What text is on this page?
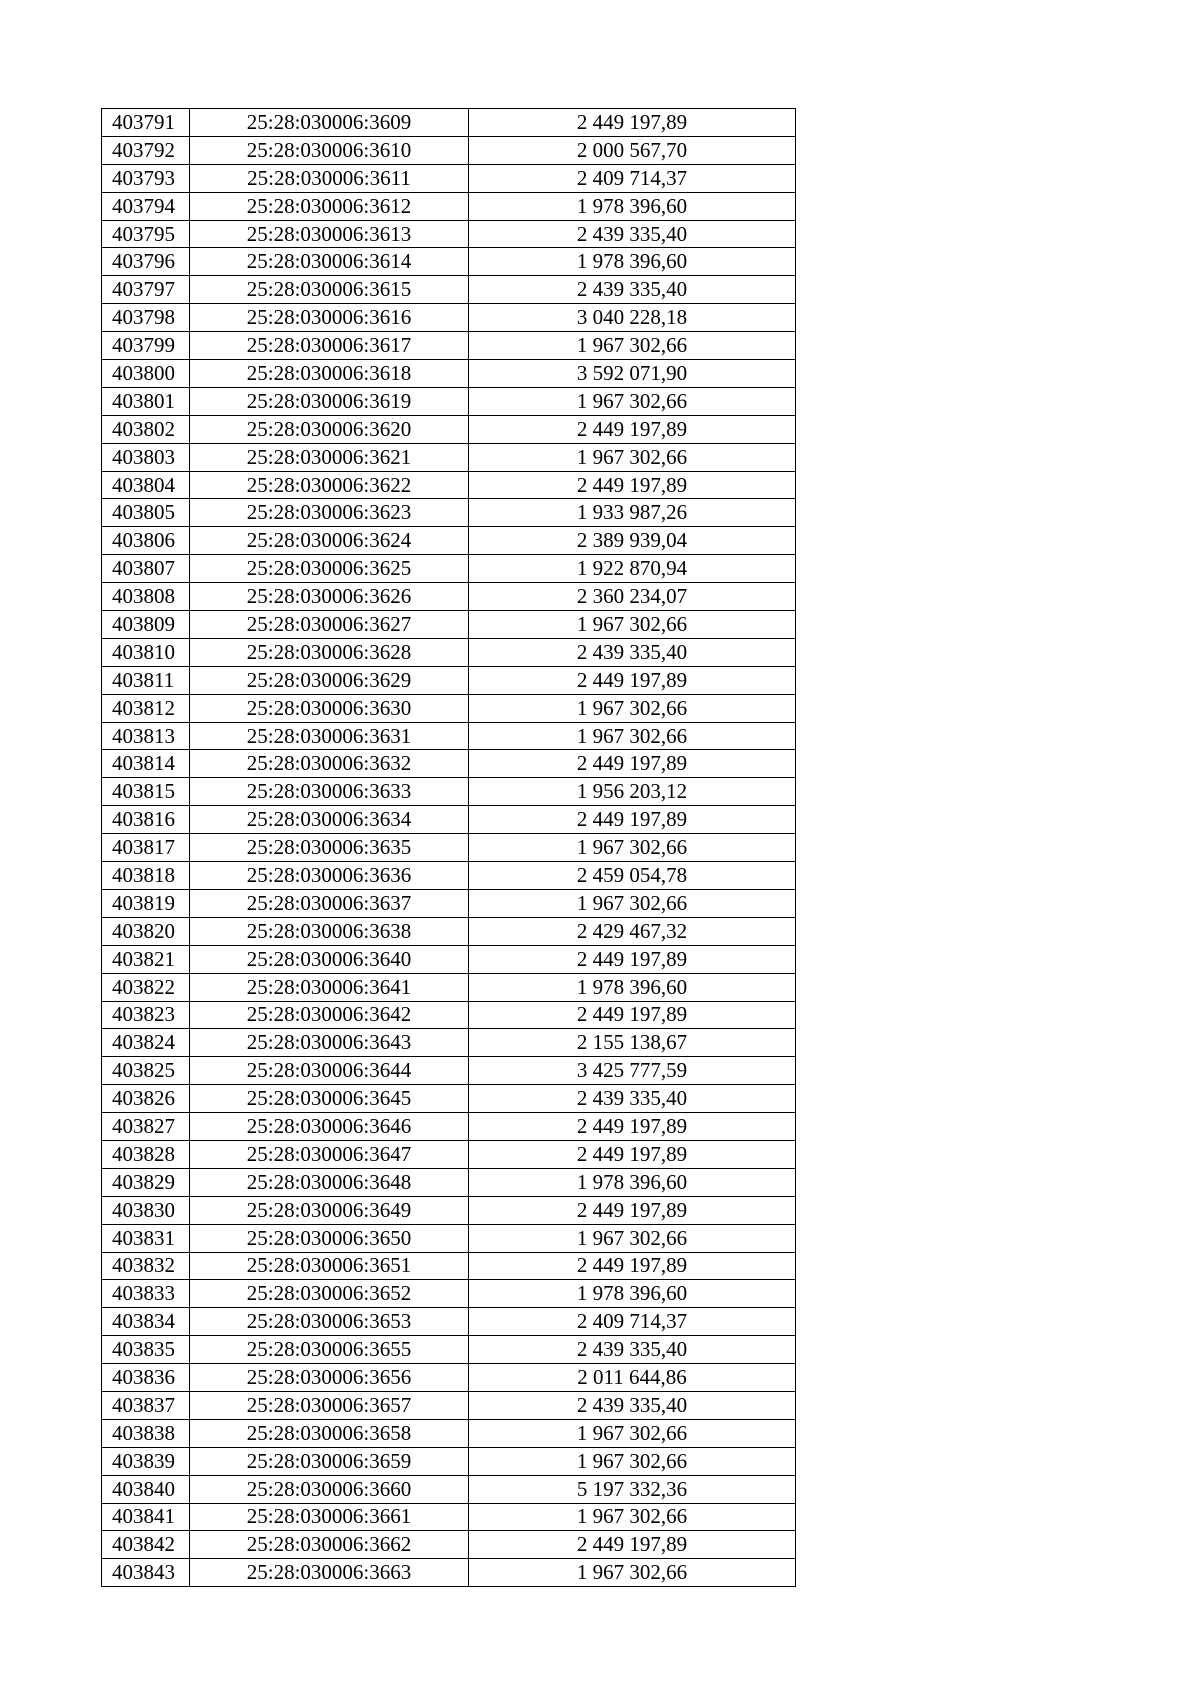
403791	25:28:030006:3609	2 449 197,89
403792	25:28:030006:3610	2 000 567,70
403793	25:28:030006:3611	2 409 714,37
403794	25:28:030006:3612	1 978 396,60
403795	25:28:030006:3613	2 439 335,40
403796	25:28:030006:3614	1 978 396,60
403797	25:28:030006:3615	2 439 335,40
403798	25:28:030006:3616	3 040 228,18
403799	25:28:030006:3617	1 967 302,66
403800	25:28:030006:3618	3 592 071,90
403801	25:28:030006:3619	1 967 302,66
403802	25:28:030006:3620	2 449 197,89
403803	25:28:030006:3621	1 967 302,66
403804	25:28:030006:3622	2 449 197,89
403805	25:28:030006:3623	1 933 987,26
403806	25:28:030006:3624	2 389 939,04
403807	25:28:030006:3625	1 922 870,94
403808	25:28:030006:3626	2 360 234,07
403809	25:28:030006:3627	1 967 302,66
403810	25:28:030006:3628	2 439 335,40
403811	25:28:030006:3629	2 449 197,89
403812	25:28:030006:3630	1 967 302,66
403813	25:28:030006:3631	1 967 302,66
403814	25:28:030006:3632	2 449 197,89
403815	25:28:030006:3633	1 956 203,12
403816	25:28:030006:3634	2 449 197,89
403817	25:28:030006:3635	1 967 302,66
403818	25:28:030006:3636	2 459 054,78
403819	25:28:030006:3637	1 967 302,66
403820	25:28:030006:3638	2 429 467,32
403821	25:28:030006:3640	2 449 197,89
403822	25:28:030006:3641	1 978 396,60
403823	25:28:030006:3642	2 449 197,89
403824	25:28:030006:3643	2 155 138,67
403825	25:28:030006:3644	3 425 777,59
403826	25:28:030006:3645	2 439 335,40
403827	25:28:030006:3646	2 449 197,89
403828	25:28:030006:3647	2 449 197,89
403829	25:28:030006:3648	1 978 396,60
403830	25:28:030006:3649	2 449 197,89
403831	25:28:030006:3650	1 967 302,66
403832	25:28:030006:3651	2 449 197,89
403833	25:28:030006:3652	1 978 396,60
403834	25:28:030006:3653	2 409 714,37
403835	25:28:030006:3655	2 439 335,40
403836	25:28:030006:3656	2 011 644,86
403837	25:28:030006:3657	2 439 335,40
403838	25:28:030006:3658	1 967 302,66
403839	25:28:030006:3659	1 967 302,66
403840	25:28:030006:3660	5 197 332,36
403841	25:28:030006:3661	1 967 302,66
403842	25:28:030006:3662	2 449 197,89
403843	25:28:030006:3663	1 967 302,66
